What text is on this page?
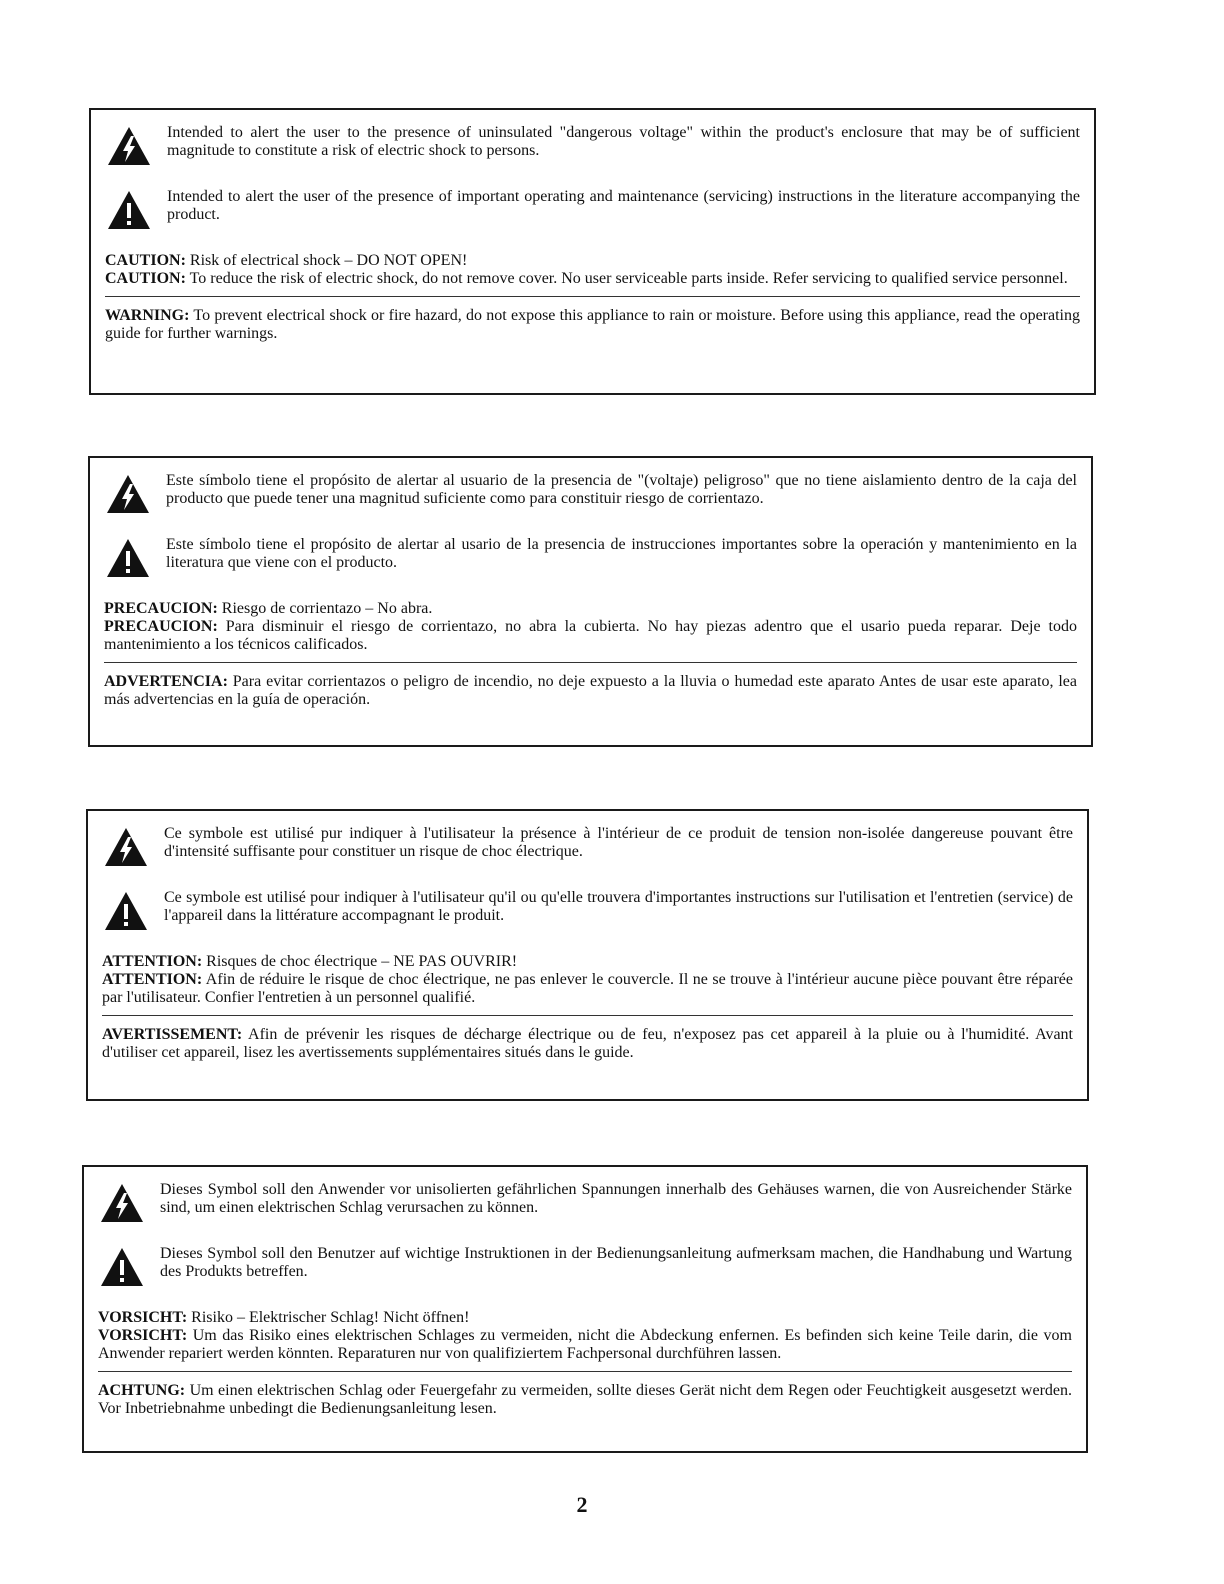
Intended to alert the user to the presence of uninsulated "dangerous voltage" within the product's enclosure that may be of sufficient magnitude to constitute a risk of electric shock to persons.
Intended to alert the user of the presence of important operating and maintenance (servicing) instructions in the literature accompanying the product.

CAUTION: Risk of electrical shock – DO NOT OPEN!

CAUTION: To reduce the risk of electric shock, do not remove cover. No user serviceable parts inside. Refer servicing to qualified service personnel.

WARNING: To prevent electrical shock or fire hazard, do not expose this appliance to rain or moisture. Before using this appliance, read the operating guide for further warnings.
Este símbolo tiene el propósito de alertar al usuario de la presencia de "(voltaje) peligroso" que no tiene aislamiento dentro de la caja del producto que puede tener una magnitud suficiente como para constituir riesgo de corrientazo.
Este símbolo tiene el propósito de alertar al usario de la presencia de instrucciones importantes sobre la operación y mantenimiento en la literatura que viene con el producto.

PRECAUCION: Riesgo de corrientazo – No abra.

PRECAUCION: Para disminuir el riesgo de corrientazo, no abra la cubierta. No hay piezas adentro que el usario pueda reparar. Deje todo mantenimiento a los técnicos calificados.

ADVERTENCIA: Para evitar corrientazos o peligro de incendio, no deje expuesto a la lluvia o humedad este aparato Antes de usar este aparato, lea más advertencias en la guía de operación.
Ce symbole est utilisé pur indiquer à l'utilisateur la présence à l'intérieur de ce produit de tension non-isolée dangereuse pouvant être d'intensité suffisante pour constituer un risque de choc électrique.
Ce symbole est utilisé pour indiquer à l'utilisateur qu'il ou qu'elle trouvera d'importantes instructions sur l'utilisation et l'entretien (service) de l'appareil dans la littérature accompagnant le produit.

ATTENTION: Risques de choc électrique – NE PAS OUVRIR!

ATTENTION: Afin de réduire le risque de choc électrique, ne pas enlever le couvercle. Il ne se trouve à l'intérieur aucune pièce pouvant être réparée par l'utilisateur. Confier l'entretien à un personnel qualifié.

AVERTISSEMENT: Afin de prévenir les risques de décharge électrique ou de feu, n'exposez pas cet appareil à la pluie ou à l'humidité. Avant d'utiliser cet appareil, lisez les avertissements supplémentaires situés dans le guide.
Dieses Symbol soll den Anwender vor unisolierten gefährlichen Spannungen innerhalb des Gehäuses warnen, die von Ausreichender Stärke sind, um einen elektrischen Schlag verursachen zu können.
Dieses Symbol soll den Benutzer auf wichtige Instruktionen in der Bedienungsanleitung aufmerksam machen, die Handhabung und Wartung des Produkts betreffen.

VORSICHT: Risiko – Elektrischer Schlag! Nicht öffnen!

VORSICHT: Um das Risiko eines elektrischen Schlages zu vermeiden, nicht die Abdeckung enfernen. Es befinden sich keine Teile darin, die vom Anwender repariert werden könnten. Reparaturen nur von qualifiziertem Fachpersonal durchführen lassen.

ACHTUNG: Um einen elektrischen Schlag oder Feuergefahr zu vermeiden, sollte dieses Gerät nicht dem Regen oder Feuchtigkeit ausgesetzt werden. Vor Inbetriebnahme unbedingt die Bedienungsanleitung lesen.
2
